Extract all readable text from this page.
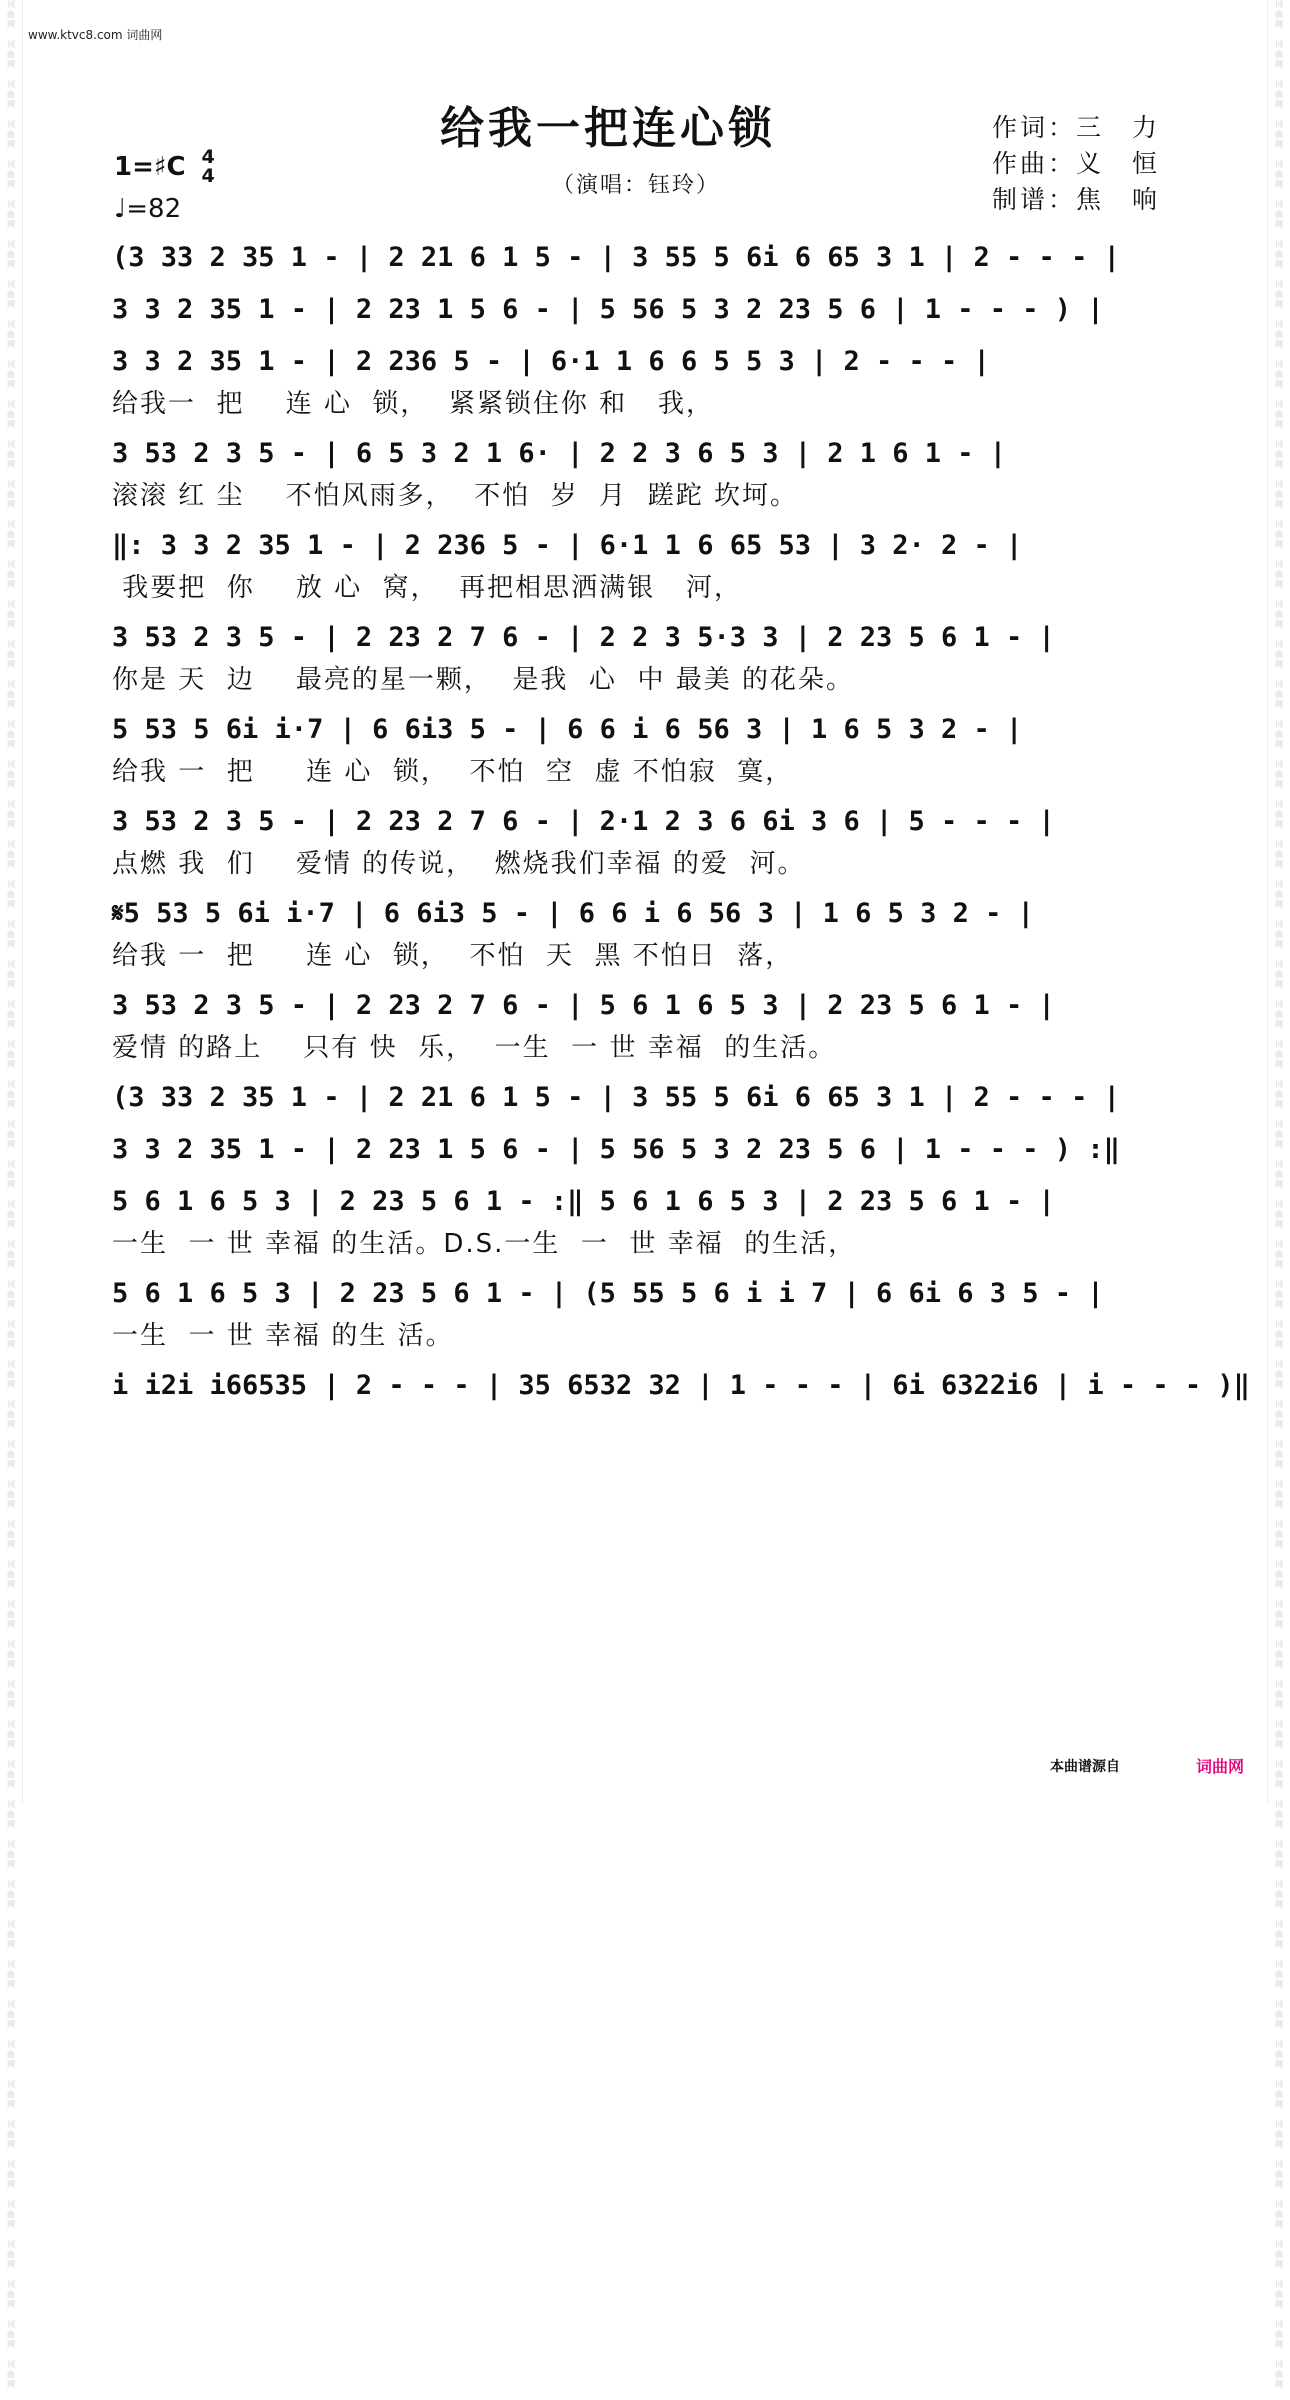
词
曲
网

词
曲
网

词
曲
网

词
曲
网

词
曲
网

词
曲
网

词
曲
网

词
曲
网

词
曲
网

词
曲
网

词
曲
网

词
曲
网

词
曲
网

词
曲
网

词
曲
网

词
曲
网

词
曲
网

词
曲
网

词
曲
网

词
曲
网

词
曲
网

词
曲
网

词
曲
网

词
曲
网

词
曲
网

词
曲
网

词
曲
网

词
曲
网

词
曲
网

词
曲
网

词
曲
网

词
曲
网

词
曲
网

词
曲
网

词
曲
网

词
曲
网

词
曲
网

词
曲
网

词
曲
网

词
曲
网

词
曲
网

词
曲
网

词
曲
网

词
曲
网

词
曲
网

词
曲
网

词
曲
网

词
曲
网

词
曲
网

词
曲
网

词
曲
网

词
曲
网

词
曲
网

词
曲
网

词
曲
网

词
曲
网

词
曲
网

词
曲
网

词
曲
网

词
曲
网

词
曲
网

词
曲
网

词
曲
网

词
曲
网

词
曲
网

词
曲
网

词
曲
网

词
曲
网

词
曲
网

词
曲
网

词
曲
网

词
曲
网

词
曲
网

词
曲
网

词
曲
网

词
曲
网

词
曲
网

词
曲
网

词
曲
网

词
曲
网

词
曲
网

词
曲
网

词
曲
网

词
曲
网

词
曲
网

词
曲
网

词
曲
网

词
曲
网

词
曲
网

词
曲
网

词
曲
网

词
曲
网

词
曲
网

词
曲
网

词
曲
网

词
曲
网

词
曲
网

词
曲
网

词
曲
网

词
曲
网

词
曲
网

词
曲
网

词
曲
网

词
曲
网

词
曲
网

词
曲
网

词
曲
网

词
曲
网

词
曲
网

词
曲
网

词
曲
网

词
曲
网

词
曲
网

词
曲
网

词
曲
网

词
曲
网

词
曲
网

词
曲
网

词
曲
网

词
曲
网

www.ktvc8.com 词曲网
给我一把连心锁
（演唱：钰玲）
作词：三　力
作曲：义　恒
制谱：焦　响
1=♯C 4
4
♩=82
(3 33 2 35 1 - | 2 21 6 1 5 - | 3 55 5 6i 6 65 3 1 | 2 - - - |
3 3 2 35 1 - | 2 23 1 5 6 - | 5 56 5 3 2 23 5 6 | 1 - - - ) |
3 3 2 35 1 - | 2 236 5 - | 6·1 1 6 6 5 5 3 | 2 - - - |
给我一  把    连 心  锁，  紧紧锁住你 和   我，
3 53 2 3 5 - | 6 5 3 2 1 6· | 2 2 3 6 5 3 | 2 1 6 1 - |
滚滚 红 尘    不怕风雨多，  不怕  岁  月  蹉跎 坎坷。
‖: 3 3 2 35 1 - | 2 236 5 - | 6·1 1 6 65 53 | 3 2· 2 - |
我要把  你    放 心  窝，  再把相思洒满银   河，
3 53 2 3 5 - | 2 23 2 7 6 - | 2 2 3 5·3 3 | 2 23 5 6 1 - |
你是 天  边    最亮的星一颗，  是我  心  中 最美 的花朵。
5 53 5 6i i·7 | 6 6i3 5 - | 6 6 i 6 56 3 | 1 6 5 3 2 - |
给我 一  把     连 心  锁，  不怕  空  虚 不怕寂  寞，
3 53 2 3 5 - | 2 23 2 7 6 - | 2·1 2 3 6 6i 3 6 | 5 - - - |
点燃 我  们    爱情 的传说，  燃烧我们幸福 的爱  河。
𝄋5 53 5 6i i·7 | 6 6i3 5 - | 6 6 i 6 56 3 | 1 6 5 3 2 - |
给我 一  把     连 心  锁，  不怕  天  黑 不怕日  落，
3 53 2 3 5 - | 2 23 2 7 6 - | 5 6 1 6 5 3 | 2 23 5 6 1 - |
爱情 的路上    只有 快  乐，  一生  一 世 幸福  的生活。
(3 33 2 35 1 - | 2 21 6 1 5 - | 3 55 5 6i 6 65 3 1 | 2 - - - |
3 3 2 35 1 - | 2 23 1 5 6 - | 5 56 5 3 2 23 5 6 | 1 - - - ) :‖
5 6 1 6 5 3 | 2 23 5 6 1 - :‖ 5 6 1 6 5 3 | 2 23 5 6 1 - |
一生  一 世 幸福 的生活。D.S.一生  一  世 幸福  的生活，
5 6 1 6 5 3 | 2 23 5 6 1 - | (5 55 5 6 i i 7 | 6 6i 6 3 5 - |
一生  一 世 幸福 的生 活。
i i2i i66535 | 2 - - - | 35 6532 32 | 1 - - - | 6i 6322i6 | i - - - )‖
本曲谱源自	词曲网
